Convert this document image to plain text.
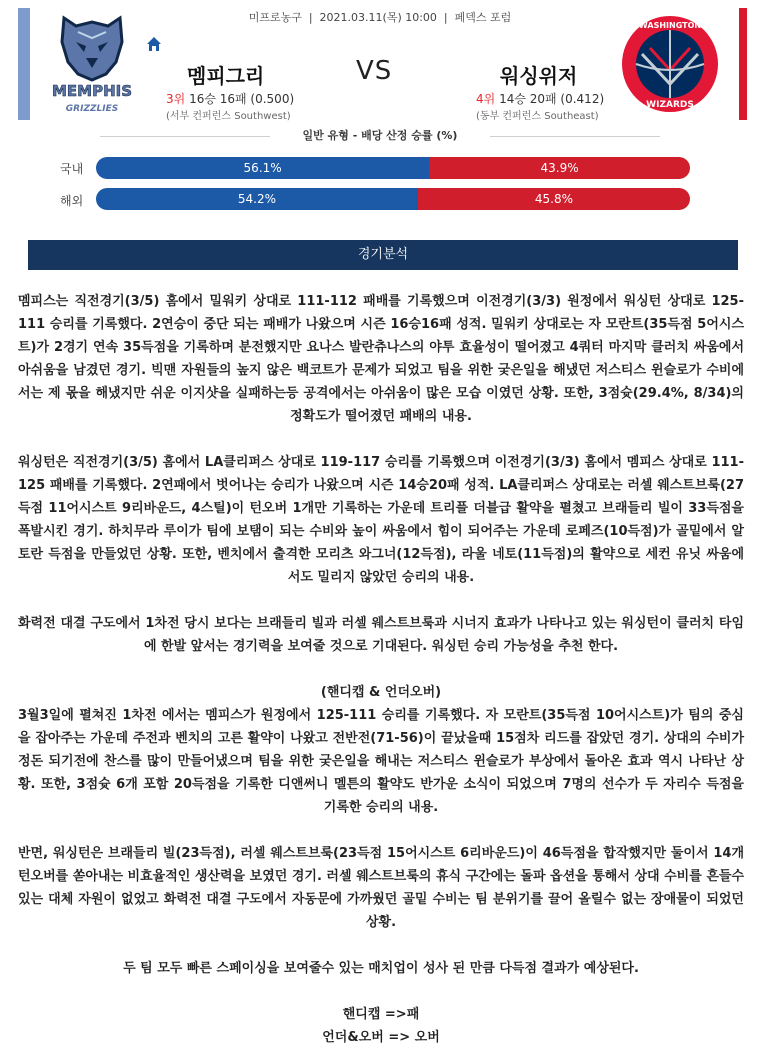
MEMPHIS
GRIZZLIES
WASHINGTON
WIZARDS
미프로농구  |  2021.03.11(목) 10:00  |  페덱스 포럼
멤피그리	VS	워싱위저
3위 16승 16패 (0.500)
(서부 컨퍼런스 Southwest)
4위 14승 20패 (0.412)
(동부 컨퍼런스 Southeast)
일반 유형 - 배당 산정 승률 (%)
국내	56.1%	43.9%
해외	54.2%	45.8%
경기분석

멤피스는 직전경기(3/5) 홈에서 밀워키 상대로 111-112 패배를 기록했으며 이전경기(3/3) 원정에서 워싱턴 상대로 125-111 승리를 기록했다. 2연승이 중단 되는 패배가 나왔으며 시즌 16승16패 성적. 밀워키 상대로는 자 모란트(35득점 5어시스트)가 2경기 연속 35득점을 기록하며 분전했지만 요나스 발란츄나스의 야투 효율성이 떨어졌고 4쿼터 마지막 클러치 싸움에서 아쉬움을 남겼던 경기. 빅맨 자원들의 높지 않은 백코트가 문제가 되었고 팀을 위한 궂은일을 해냈던 저스티스 윈슬로가 수비에서는 제 몫을 해냈지만 쉬운 이지샷을 실패하는등 공격에서는 아쉬움이 많은 모습 이였던 상황. 또한, 3점슛(29.4%, 8/34)의 정확도가 떨어졌던 패배의 내용.

워싱턴은 직전경기(3/5) 홈에서 LA클리퍼스 상대로 119-117 승리를 기록했으며 이전경기(3/3) 홈에서 멤피스 상대로 111-125 패배를 기록했다. 2연패에서 벗어나는 승리가 나왔으며 시즌 14승20패 성적. LA클리퍼스 상대로는 러셀 웨스트브룩(27득점 11어시스트 9리바운드, 4스틸)이 턴오버 1개만 기록하는 가운데 트리플 더블급 활약을 펼쳤고 브래들리 빌이 33득점을 폭발시킨 경기. 하치무라 루이가 팀에 보탬이 되는 수비와 높이 싸움에서 힘이 되어주는 가운데 로페즈(10득점)가 골밑에서 알토란 득점을 만들었던 상황. 또한, 벤치에서 출격한 모리츠 와그너(12득점), 라울 네토(11득점)의 활약으로 세컨 유닛 싸움에서도 밀리지 않았던 승리의 내용.

화력전 대결 구도에서 1차전 당시 보다는 브래들리 빌과 러셀 웨스트브룩과 시너지 효과가 나타나고 있는 워싱턴이 클러치 타임에 한발 앞서는 경기력을 보여줄 것으로 기대된다. 워싱턴 승리 가능성을 추천 한다.

(핸디캡 & 언더오버)

3월3일에 펼쳐진 1차전 에서는 멤피스가 원정에서 125-111 승리를 기록했다. 자 모란트(35득점 10어시스트)가 팀의 중심을 잡아주는 가운데 주전과 벤치의 고른 활약이 나왔고 전반전(71-56)이 끝났을때 15점차 리드를 잡았던 경기. 상대의 수비가 정돈 되기전에 찬스를 많이 만들어냈으며 팀을 위한 궂은일을 해내는 저스티스 윈슬로가 부상에서 돌아온 효과 역시 나타난 상황. 또한, 3점슛 6개 포함 20득점을 기록한 디앤써니 멜튼의 활약도 반가운 소식이 되었으며 7명의 선수가 두 자리수 득점을 기록한 승리의 내용.

반면, 워싱턴은 브래들리 빌(23득점), 러셀 웨스트브룩(23득점 15어시스트 6리바운드)이 46득점을 합작했지만 둘이서 14개 턴오버를 쏟아내는 비효율적인 생산력을 보였던 경기. 러셀 웨스트브룩의 휴식 구간에는 돌파 옵션을 통해서 상대 수비를 흔들수 있는 대체 자원이 없었고 화력전 대결 구도에서 자동문에 가까웠던 골밑 수비는 팀 분위기를 끌어 올릴수 없는 장애물이 되었던 상황.

두 팀 모두 빠른 스페이싱을 보여줄수 있는 매치업이 성사 된 만큼 다득점 결과가 예상된다.

핸디캡 =>패

언더&오버 => 오버
